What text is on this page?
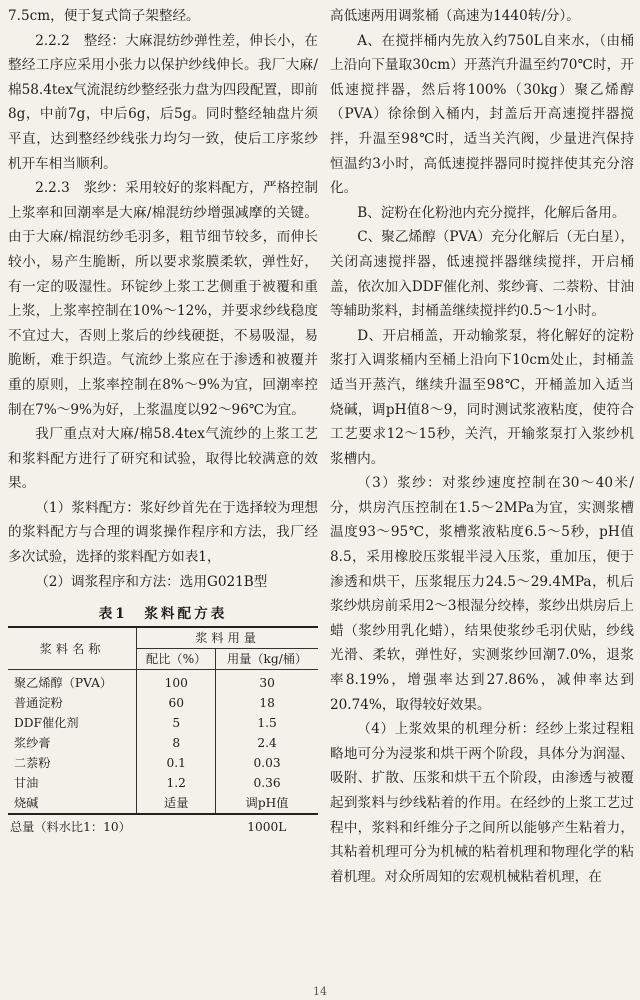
7.5cm，便于复式筒子架整经。

2.2.2　整经：大麻混纺纱弹性差，伸长小，在整经工序应采用小张力以保护纱线伸长。我厂大麻/棉58.4tex气流混纺纱整经张力盘为四段配置，即前8g，中前7g，中后6g，后5g。同时整经轴盘片须平直，达到整经纱线张力均匀一致，使后工序浆纱机开车相当顺利。

2.2.3　浆纱：采用较好的浆料配方，严格控制上浆率和回潮率是大麻/棉混纺纱增强减摩的关键。由于大麻/棉混纺纱毛羽多，粗节细节较多，而伸长较小，易产生脆断，所以要求浆膜柔软，弹性好，有一定的吸湿性。环锭纱上浆工艺侧重于被覆和重上浆，上浆率控制在10%～12%，并要求纱线稳度不宜过大，否则上浆后的纱线硬挺，不易吸湿，易脆断，难于织造。气流纱上浆应在于渗透和被覆并重的原则，上浆率控制在8%～9%为宜，回潮率控制在7%～9%为好，上浆温度以92～96℃为宜。

我厂重点对大麻/棉58.4tex气流纱的上浆工艺和浆料配方进行了研究和试验，取得比较满意的效果。

（1）浆料配方：浆好纱首先在于选择较为理想的浆料配方与合理的调浆操作程序和方法，我厂经多次试验，选择的浆料配方如表1，

（2）调浆程序和方法：选用G021B型

表1　浆料配方表
浆料名称	浆料用量	
	配比（%）	用量（kg/桶）
聚乙烯醇（PVA）	100	30
普通淀粉	60	18
DDF催化剂	5	1.5
浆纱膏	8	2.4
二萘粉	0.1	0.03
甘油	1.2	0.36
烧碱	适量	调pH值
总量（料水比1：10）		1000L

高低速两用调浆桶（高速为1440转/分）。

A、在搅拌桶内先放入约750L自来水，（由桶上沿向下量取30cm）开蒸汽升温至约70℃时，开低速搅拌器，然后将100%（30kg）聚乙烯醇（PVA）徐徐倒入桶内，封盖后开高速搅拌器搅拌，升温至98℃时，适当关汽阀，少量进汽保持恒温约3小时，高低速搅拌器同时搅拌使其充分溶化。

B、淀粉在化粉池内充分搅拌，化解后备用。

C、聚乙烯醇（PVA）充分化解后（无白星），关闭高速搅拌器，低速搅拌器继续搅拌，开启桶盖，依次加入DDF催化剂、浆纱膏、二萘粉、甘油等辅助浆料，封桶盖继续搅拌约0.5～1小时。

D、开启桶盖，开动输浆泵，将化解好的淀粉浆打入调浆桶内至桶上沿向下10cm处止，封桶盖适当开蒸汽，继续升温至98℃，开桶盖加入适当烧碱，调pH值8～9，同时测试浆液粘度，使符合工艺要求12～15秒，关汽，开输浆泵打入浆纱机浆槽内。

（3）浆纱：对浆纱速度控制在30～40米/分，烘房汽压控制在1.5～2MPa为宜，实测浆槽温度93～95℃，浆槽浆液粘度6.5～5秒，pH值8.5，采用橡胶压浆辊半浸入压浆，重加压，便于渗透和烘干，压浆辊压力24.5～29.4MPa，机后浆纱烘房前采用2～3根湿分绞棒，浆纱出烘房后上蜡（浆纱用乳化蜡），结果使浆纱毛羽伏贴，纱线光滑、柔软，弹性好，实测浆纱回潮7.0%，退浆率8.19%，增强率达到27.86%，减伸率达到20.74%，取得较好效果。

（4）上浆效果的机理分析：经纱上浆过程粗略地可分为浸浆和烘干两个阶段，具体分为润湿、吸附、扩散、压浆和烘干五个阶段，由渗透与被覆起到浆料与纱线粘着的作用。在经纱的上浆工艺过程中，浆料和纤维分子之间所以能够产生粘着力，其粘着机理可分为机械的粘着机理和物理化学的粘着机理。对众所周知的宏观机械粘着机理，在

14
